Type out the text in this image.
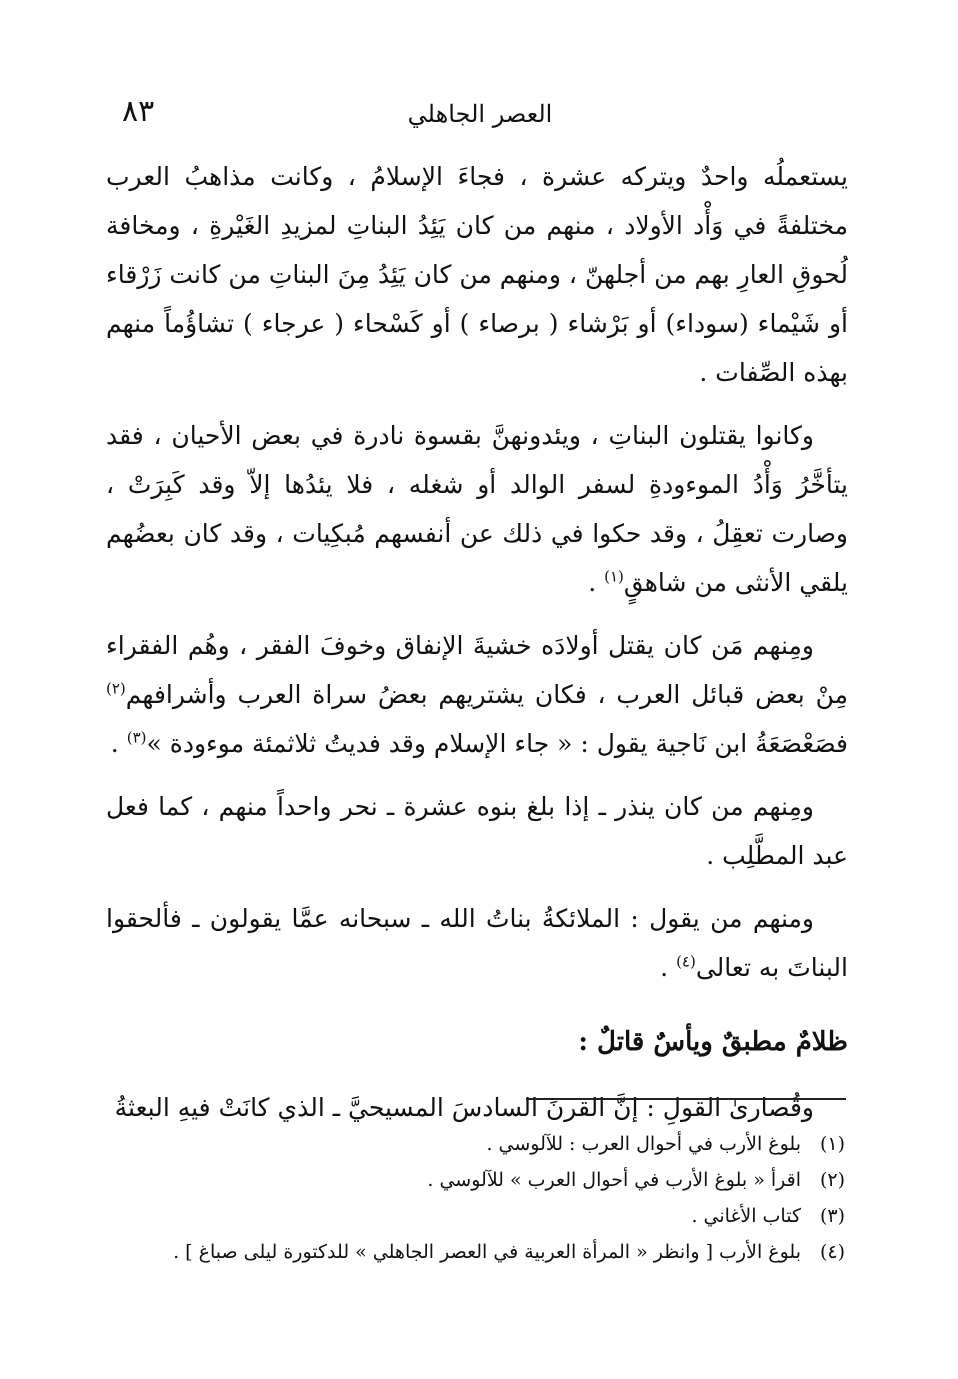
٨٣	العصر الجاهلي

يستعملُه واحدٌ ويتركه عشرة ، فجاءَ الإسلامُ ، وكانت مذاهبُ العرب مختلفةً في وَأْد الأولاد ، منهم من كان يَئِدُ البناتِ لمزيدِ الغَيْرةِ ، ومخافة لُحوقِ العارِ بهم من أجلهنّ ، ومنهم من كان يَئِدُ مِنَ البناتِ من كانت زَرْقاء أو شَيْماء (سوداء) أو بَرْشاء ( برصاء ) أو كَسْحاء ( عرجاء ) تشاؤُماً منهم بهذه الصِّفات .

وكانوا يقتلون البناتِ ، ويئدونهنَّ بقسوة نادرة في بعض الأحيان ، فقد يتأخَّرُ وَأْدُ الموءودةِ لسفر الوالد أو شغله ، فلا يئدُها إلاّ وقد كَبِرَتْ ، وصارت تعقِلُ ، وقد حكوا في ذلك عن أنفسهم مُبكِيات ، وقد كان بعضُهم يلقي الأنثى من شاهقٍ$^{(١)}$ .

ومِنهم مَن كان يقتل أولادَه خشيةَ الإنفاق وخوفَ الفقر ، وهُم الفقراء مِنْ بعض قبائل العرب ، فكان يشتريهم بعضُ سراة العرب وأشرافهم$^{(٢)}$ فصَعْصَعَةُ ابن نَاجية يقول : « جاء الإسلام وقد فديتُ ثلاثمئة موءودة »$^{(٣)}$ .

ومِنهم من كان ينذر ـ إذا بلغ بنوه عشرة ـ نحر واحداً منهم ، كما فعل عبد المطَّلِب .

ومنهم من يقول : الملائكةُ بناتُ الله ـ سبحانه عمَّا يقولون ـ فألحقوا البناتَ به تعالى$^{(٤)}$ .

ظلامٌ مطبقٌ ويأسٌ قاتلٌ :

وقُصارىٰ القولِ : إنَّ القرنَ السادسَ المسيحيَّ ـ الذي كانَتْ فيهِ البعثةُ

(١)
بلوغ الأرب في أحوال العرب : للآلوسي .
(٢)
اقرأ « بلوغ الأرب في أحوال العرب » للآلوسي .
(٣)
كتاب الأغاني .
(٤)
بلوغ الأرب [ وانظر « المرأة العربية في العصر الجاهلي » للدكتورة ليلى صباغ ] .
